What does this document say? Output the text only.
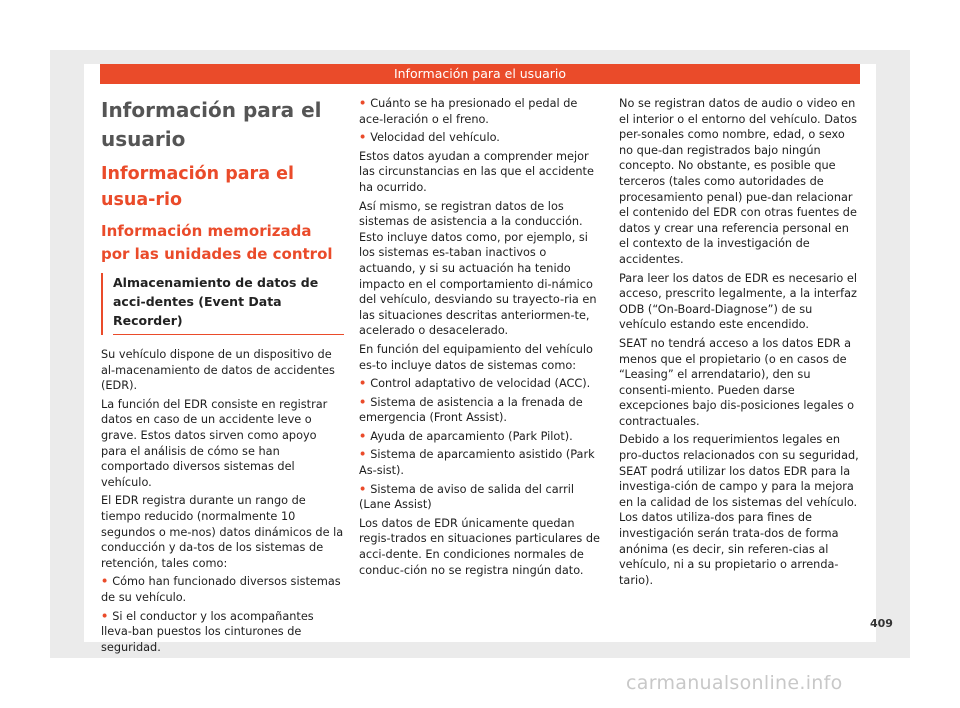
Información para el usuario
Información para el usuario
Información para el usua-rio
Información memorizada por las unidades de control
Almacenamiento de datos de acci-dentes (Event Data Recorder)

Su vehículo dispone de un dispositivo de al-macenamiento de datos de accidentes (EDR).

La función del EDR consiste en registrar datos en caso de un accidente leve o grave. Estos datos sirven como apoyo para el análisis de cómo se han comportado diversos sistemas del vehículo.

El EDR registra durante un rango de tiempo reducido (normalmente 10 segundos o me-nos) datos dinámicos de la conducción y da-tos de los sistemas de retención, tales como:

• Cómo han funcionado diversos sistemas de su vehículo.
• Si el conductor y los acompañantes lleva-ban puestos los cinturones de seguridad.
• Cuánto se ha presionado el pedal de ace-leración o el freno.
• Velocidad del vehículo.

Estos datos ayudan a comprender mejor las circunstancias en las que el accidente ha ocurrido.

Así mismo, se registran datos de los sistemas de asistencia a la conducción. Esto incluye datos como, por ejemplo, si los sistemas es-taban inactivos o actuando, y si su actuación ha tenido impacto en el comportamiento di-námico del vehículo, desviando su trayecto-ria en las situaciones descritas anteriormen-te, acelerado o desacelerado.

En función del equipamiento del vehículo es-to incluye datos de sistemas como:

• Control adaptativo de velocidad (ACC).
• Sistema de asistencia a la frenada de emergencia (Front Assist).
• Ayuda de aparcamiento (Park Pilot).
• Sistema de aparcamiento asistido (Park As-sist).
• Sistema de aviso de salida del carril (Lane Assist)

Los datos de EDR únicamente quedan regis-trados en situaciones particulares de acci-dente. En condiciones normales de conduc-ción no se registra ningún dato.

No se registran datos de audio o video en el interior o el entorno del vehículo. Datos per-sonales como nombre, edad, o sexo no que-dan registrados bajo ningún concepto. No obstante, es posible que terceros (tales como autoridades de procesamiento penal) pue-dan relacionar el contenido del EDR con otras fuentes de datos y crear una referencia personal en el contexto de la investigación de accidentes.

Para leer los datos de EDR es necesario el acceso, prescrito legalmente, a la interfaz ODB (“On-Board-Diagnose”) de su vehículo estando este encendido.

SEAT no tendrá acceso a los datos EDR a menos que el propietario (o en casos de “Leasing” el arrendatario), den su consenti-miento. Pueden darse excepciones bajo dis-posiciones legales o contractuales.

Debido a los requerimientos legales en pro-ductos relacionados con su seguridad, SEAT podrá utilizar los datos EDR para la investiga-ción de campo y para la mejora en la calidad de los sistemas del vehículo. Los datos utiliza-dos para fines de investigación serán trata-dos de forma anónima (es decir, sin referen-cias al vehículo, ni a su propietario o arrenda-tario).

409
carmanualsonline.info
